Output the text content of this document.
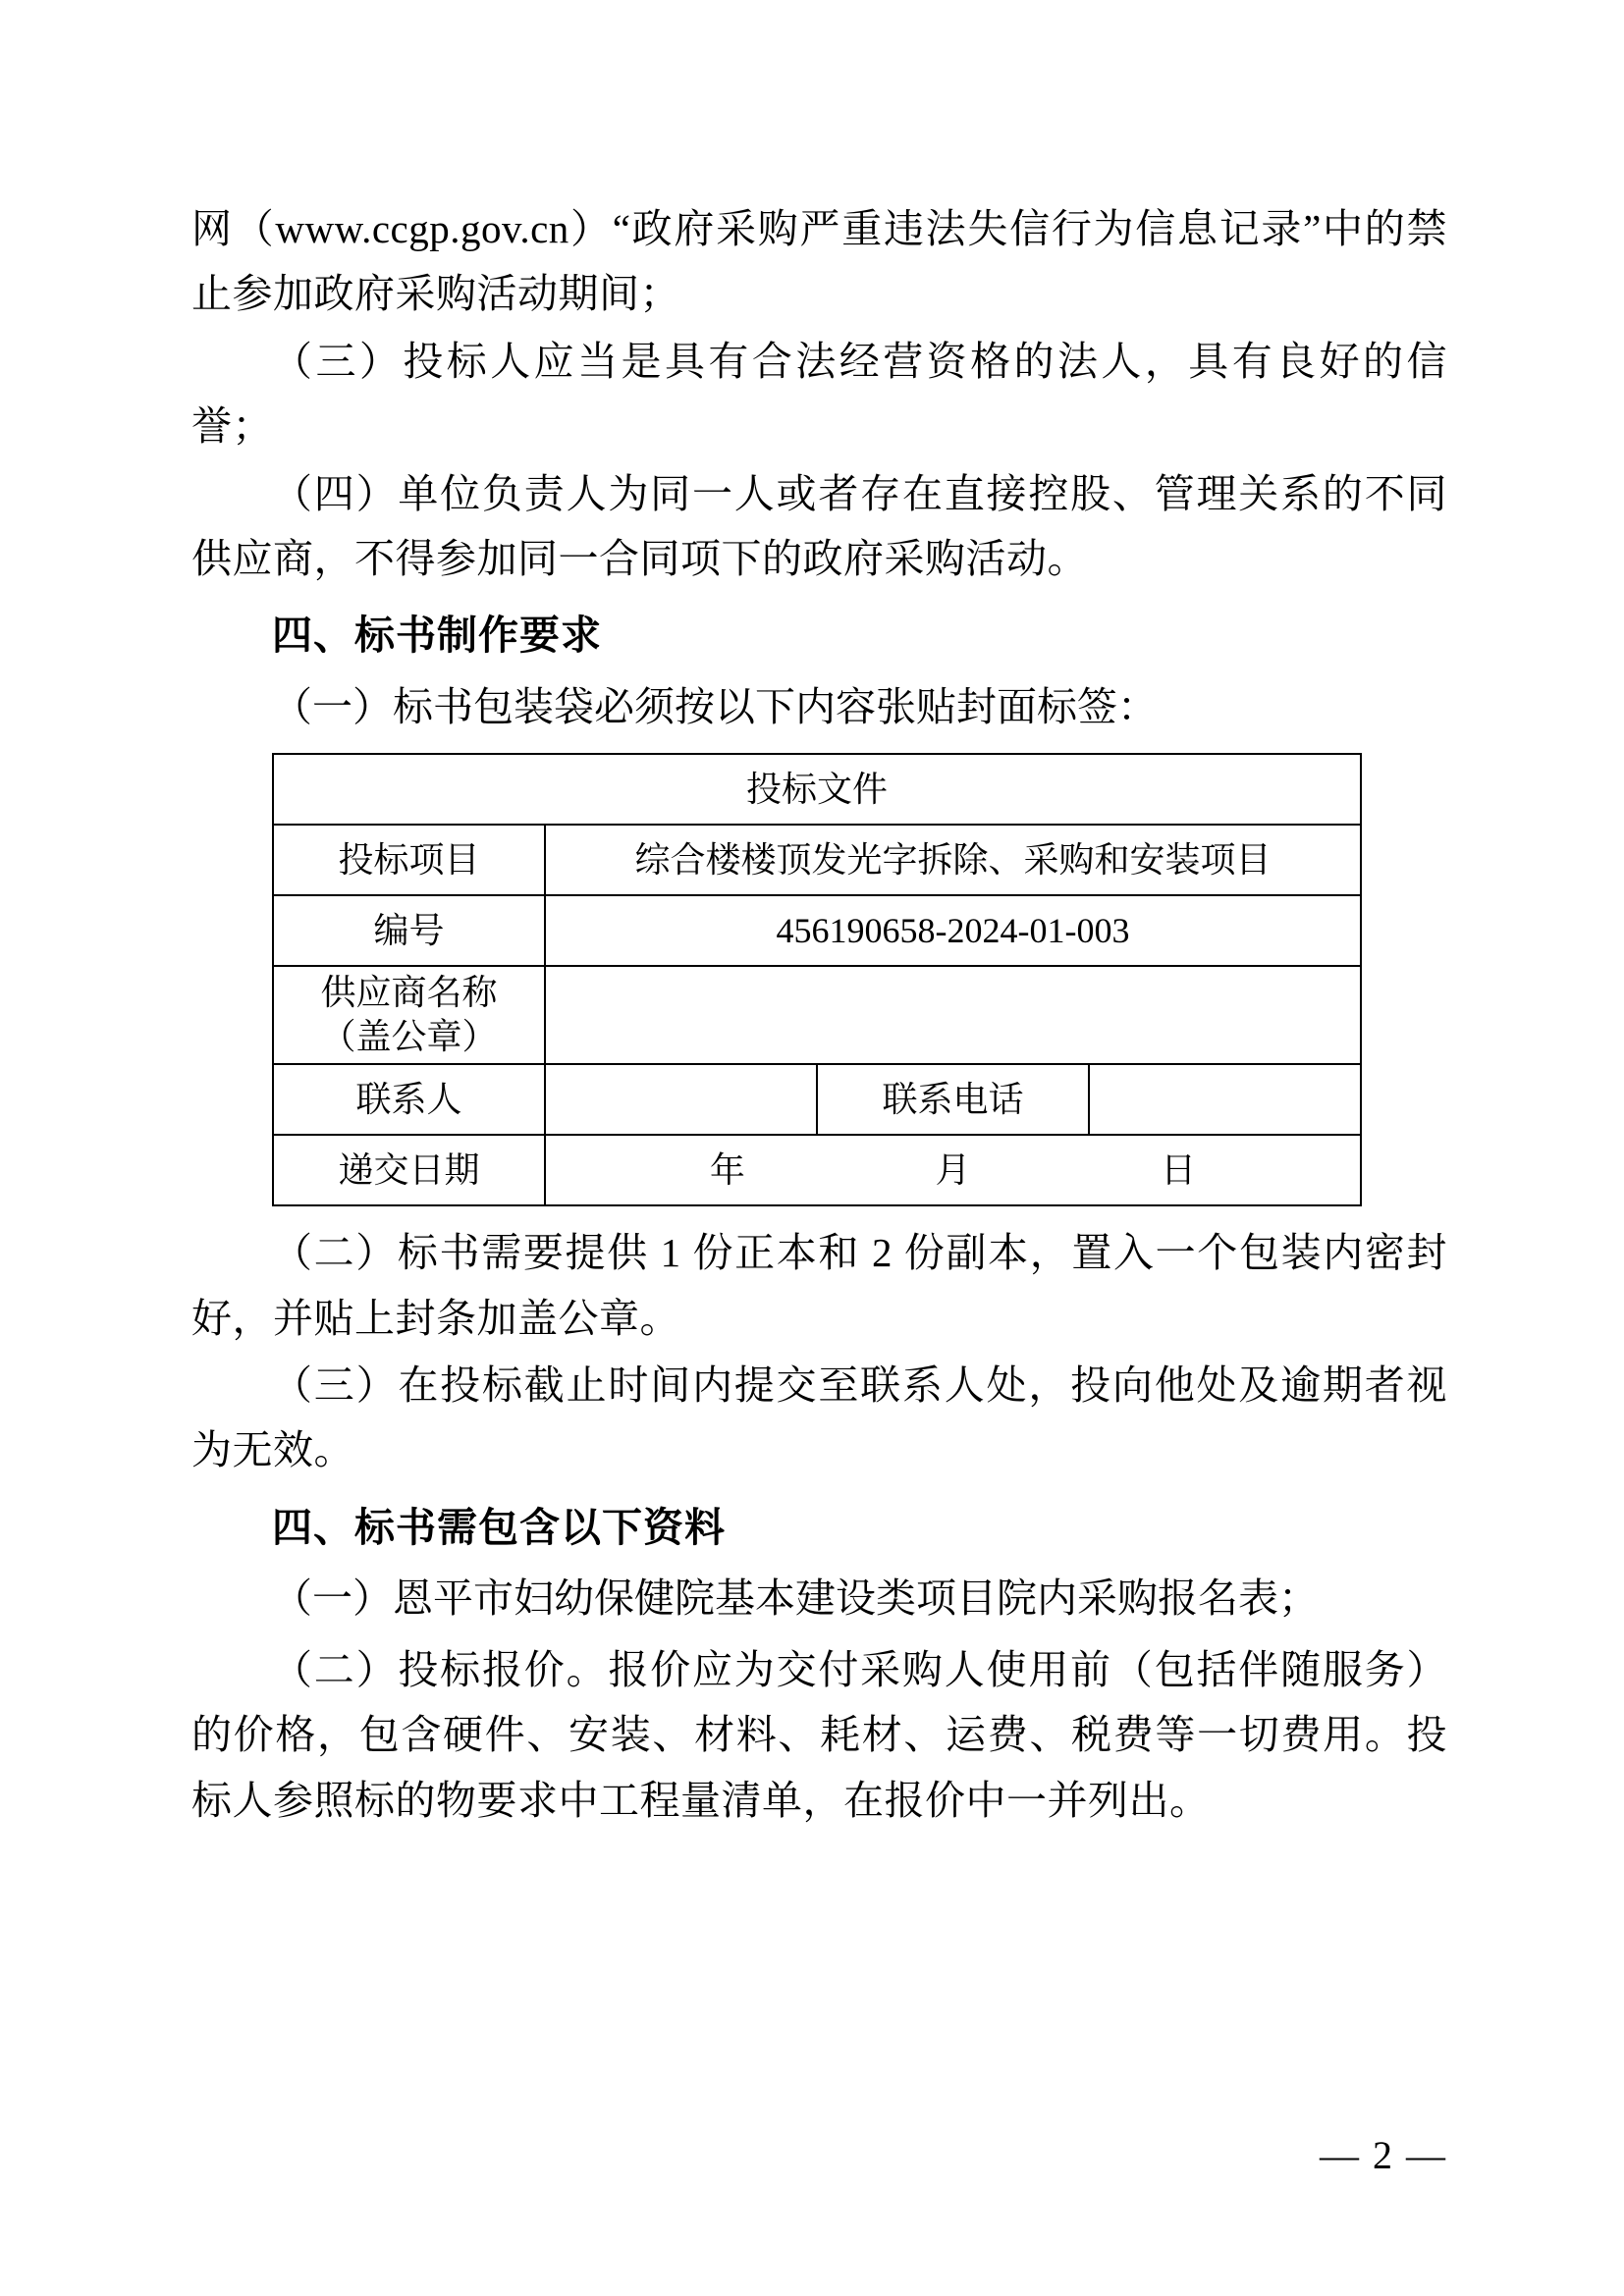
网（www.ccgp.gov.cn）“政府采购严重违法失信行为信息记录”中的禁止参加政府采购活动期间；

（三）投标人应当是具有合法经营资格的法人，具有良好的信誉；

（四）单位负责人为同一人或者存在直接控股、管理关系的不同供应商，不得参加同一合同项下的政府采购活动。

四、标书制作要求

（一）标书包装袋必须按以下内容张贴封面标签：

投标文件			
投标项目	综合楼楼顶发光字拆除、采购和安装项目		
编号	456190658-2024-01-003		

供应商名称
（盖公章）			

联系人		联系电话	
递交日期	年 月 日		

（二）标书需要提供 1 份正本和 2 份副本，置入一个包装内密封好，并贴上封条加盖公章。

（三）在投标截止时间内提交至联系人处，投向他处及逾期者视为无效。

四、标书需包含以下资料

（一）恩平市妇幼保健院基本建设类项目院内采购报名表；

（二）投标报价。报价应为交付采购人使用前（包括伴随服务）的价格，包含硬件、安装、材料、耗材、运费、税费等一切费用。投标人参照标的物要求中工程量清单，在报价中一并列出。

— 2 —
